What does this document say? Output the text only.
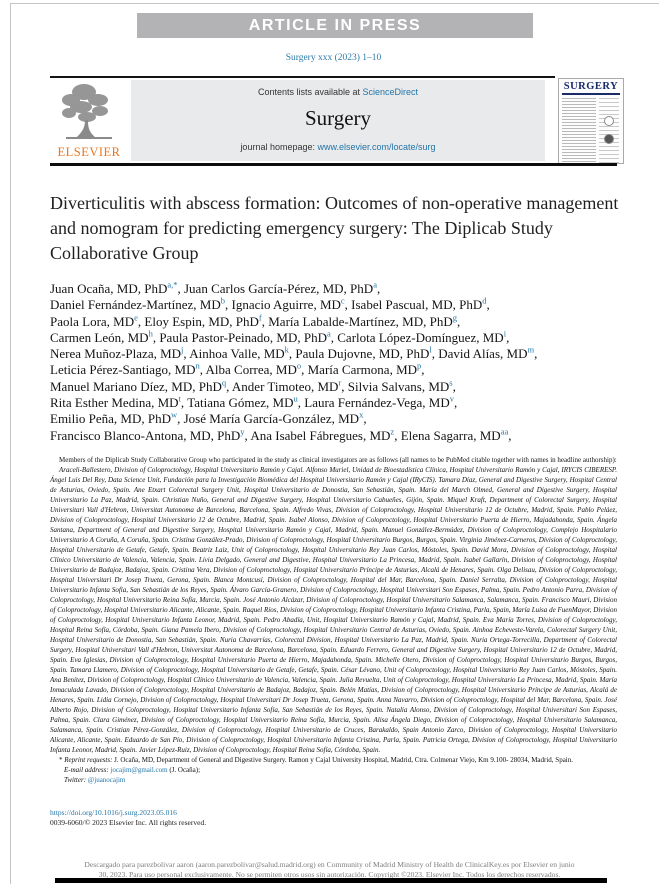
ARTICLE IN PRESS
Surgery xxx (2023) 1–10
ELSEVIER
Contents lists available at ScienceDirect
Surgery
journal homepage: www.elsevier.com/locate/surg
SURGERY
Diverticulitis with abscess formation: Outcomes of non-operative management and nomogram for predicting emergency surgery: The Diplicab Study Collaborative Group
Juan Ocaña, MD, PhD$^{a,*}$, Juan Carlos García-Pérez, MD, PhD$^a$,
Daniel Fernández-Martínez, $MD^b$, Ignacio Aguirre, $MD^c$, Isabel Pascual, MD, PhD$^d$,
Paola Lora, MDe, Eloy Espin, MD, PhD$^f$, María Labalde-Martínez, MD, PhD$^g$,
Carmen León, $MD^h$, Paula Pastor-Peinado, MD, PhD$^a$, Carlota López-Domínguez, $MD^i$,
Nerea Muñoz-Plaza, $MD^j$, Ainhoa Valle, $MD^k$, Paula Dujovne, MD, PhD$^l$, David Alías, $MD^m$,
Leticia Pérez-Santiago, $MD^n$, Alba Correa, $MD^o$, María Carmona, $MD^p$,
Manuel Mariano Díez, MD, PhD$^q$, Ander Timoteo, $MD^r$, Silvia Salvans, $MD^s$,
Rita Esther Medina, $MD^t$, Tatiana Gómez, $MD^u$, Laura Fernández-Vega, $MD^v$,
Emilio Peña, MD, PhD$^w$, José María García-González, $MD^x$,
Francisco Blanco-Antona, MD, PhD$^y$, Ana Isabel Fábregues, $MD^z$, Elena Sagarra, $MD^{aa}$,

Members of the Diplicab Study Collaborative Group who participated in the study as clinical investigators are as follows (all names to be PubMed citable together with names in headline authorship):

Araceli-Ballestero, Division of Coloproctology, Hospital Universitario Ramón y Cajal. Alfonso Muriel, Unidad de Bioestadística Clínica, Hospital Universitario Ramón y Cajal, IRYCIS CIBERESP. Ángel Luis Del Rey, Data Science Unit, Fundación para la Investigación Biomédica del Hospital Universitario Ramón y Cajal (IRyCIS). Tamara Díaz, General and Digestive Surgery, Hospital Central de Asturias, Oviedo, Spain. Ane Etxart Colorectal Surgery Unit, Hospital Universitario de Donostia, San Sebastián, Spain. María del March Olmed, General and Digestive Surgery, Hospital Universitario La Paz, Madrid, Spain. Christian Nuño, General and Digestive Surgery, Hospital Universitario Cabueñes, Gijón, Spain. Miquel Kraft, Department of Colorectal Surgery, Hospital Universitari Vall d'Hebron, Universitat Autonoma de Barcelona, Barcelona, Spain. Alfredo Vivas, Division of Coloproctology, Hospital Universitario 12 de Octubre, Madrid, Spain. Pablo Peláez, Division of Coloproctology, Hospital Universitario 12 de Octubre, Madrid, Spain. Isabel Alonso, Division of Coloproctology, Hospital Universitario Puerta de Hierro, Majadahonda, Spain. Ángela Santana, Department of General and Digestive Surgery, Hospital Universitario Ramón y Cajal, Madrid, Spain. Manuel González-Bermúdez, Division of Coloproctology, Complejo Hospitalario Universitario A Coruña, A Coruña, Spain. Cristina González-Prado, Division of Coloproctology, Hospital Universitario Burgos, Burgos, Spain. Virginia Jiménez-Carneros, Division of Coloproctology, Hospital Universitario de Getafe, Getafe, Spain. Beatriz Laiz, Unit of Coloproctology, Hospital Universitario Rey Juan Carlos, Móstoles, Spain. David Mora, Division of Coloproctology, Hospital Clínico Universitario de Valencia, Valencia, Spain. Livia Delgado, General and Digestive, Hospital Universitario La Princesa, Madrid, Spain. Isabel Gallarín, Division of Coloproctology, Hospital Universitario de Badajoz, Badajoz, Spain. Cristina Vera, Division of Coloproctology, Hospital Universitario Príncipe de Asturias, Alcalá de Henares, Spain. Olga Delisau, Division of Coloproctology, Hospital Universitari Dr Josep Trueta, Gerona, Spain. Blanca Montcusí, Division of Coloproctology, Hospital del Mar, Barcelona, Spain. Daniel Serralta, Division of Coloproctology, Hospital Universitario Infanta Sofía, San Sebastián de los Reyes, Spain. Álvaro García-Granero, Division of Coloproctology, Hospital Universitari Son Espases, Palma, Spain. Pedro Antonio Parra, Division of Coloproctology, Hospital Universitario Reina Sofía, Murcia, Spain. José Antonio Alcázar, Division of Coloproctology, Hospital Universitario Salamanca, Salamanca, Spain. Francisco Mauri, Division of Coloproctology, Hospital Universitario Alicante, Alicante, Spain. Raquel Ríos, Division of Coloproctology, Hospital Universitario Infanta Cristina, Parla, Spain, María Luisa de FuenMayor, Division of Coloproctology, Hospital Universitario Infanta Leonor, Madrid, Spain. Pedro Abadía, Unit, Hospital Universitario Ramón y Cajal, Madrid, Spain. Eva María Torres, Division of Coloproctology, Hospital Reina Sofía, Córdoba, Spain. Giana Pamela Ibero, Division of Coloproctology, Hospital Universitario Central de Asturias, Oviedo, Spain. Ainhoa Echeveste-Varela, Colorectal Surgery Unit, Hospital Universitario de Donostia, San Sebastián, Spain. Nuria Chavarrías, Colorectal Division, Hospital Universitario La Paz, Madrid, Spain. Nuria Ortega-Torrecilla, Department of Colorectal Surgery, Hospital Universitari Vall d'Hebron, Universitat Autonoma de Barcelona, Barcelona, Spain. Eduardo Ferrero, General and Digestive Surgery, Hospital Universitario 12 de Octubre, Madrid, Spain. Eva Iglesias, Division of Coloproctology, Hospital Universitario Puerta de Hierro, Majadahonda, Spain. Michelle Otero, Division of Coloproctology, Hospital Universitario Burgos, Burgos, Spain. Tamara Llamero, Division of Coloproctology, Hospital Universitario de Getafe, Getafe, Spain. César Lévano, Unit of Coloproctology, Hospital Universitario Rey Juan Carlos, Móstoles, Spain. Ana Benítez, Division of Coloproctology, Hospital Clínico Universitario de Valencia, Valencia, Spain. Julia Revuelta, Unit of Coloproctology, Hospital Universitario La Princesa, Madrid, Spain. María Inmaculada Lavado, Division of Coloproctology, Hospital Universitario de Badajoz, Badajoz, Spain. Belén Matías, Division of Coloproctology, Hospital Universitario Príncipe de Asturias, Alcalá de Henares, Spain. Lidia Cornejo, Division of Coloproctology, Hospital Universitari Dr Josep Trueta, Gerona, Spain. Anna Navarro, Division of Coloproctology, Hospital del Mar, Barcelona, Spain. José Alberto Rojo, Division of Coloproctology, Hospital Universitario Infanta Sofía, San Sebastián de los Reyes, Spain. Natalia Alonso, Division of Coloproctology, Hospital Universitari Son Espases, Palma, Spain. Clara Giménez, Division of Coloproctology, Hospital Universitario Reina Sofía, Murcia, Spain. Alisa Ángela Diego, Division of Coloproctology, Hospital Universitario Salamanca, Salamanca, Spain. Cristian Pérez-González, Division of Coloproctology, Hospital Universitario de Cruces, Barakaldo, Spain Antonio Zarco, Division of Coloproctology, Hospital Universitario Alicante, Alicante, Spain. Eduardo de San Pío, Division of Coloproctology, Hospital Universitario Infanta Cristina, Parla, Spain. Patricia Ortega, Division of Coloproctology, Hospital Universitario Infanta Leonor, Madrid, Spain. Javier López-Ruiz, Division of Coloproctology, Hospital Reina Sofía, Córdoba, Spain.

* Reprint requests: J. Ocaña, MD, Department of General and Digestive Surgery. Ramon y Cajal University Hospital, Madrid, Ctra. Colmenar Viejo, Km 9.100- 28034, Madrid, Spain.

E-mail address: jocajim@gmail.com (J. Ocaña);

Twitter: @juanocajim

https://doi.org/10.1016/j.surg.2023.05.016
0039-6060/© 2023 Elsevier Inc. All rights reserved.
Descargado para parezbolivar aaron (aaron.parezbolivar@salud.madrid.org) en Community of Madrid Ministry of Health de ClinicalKey.es por Elsevier en junio
30, 2023. Para uso personal exclusivamente. No se permiten otros usos sin autorización. Copyright ©2023. Elsevier Inc. Todos los derechos reservados.
